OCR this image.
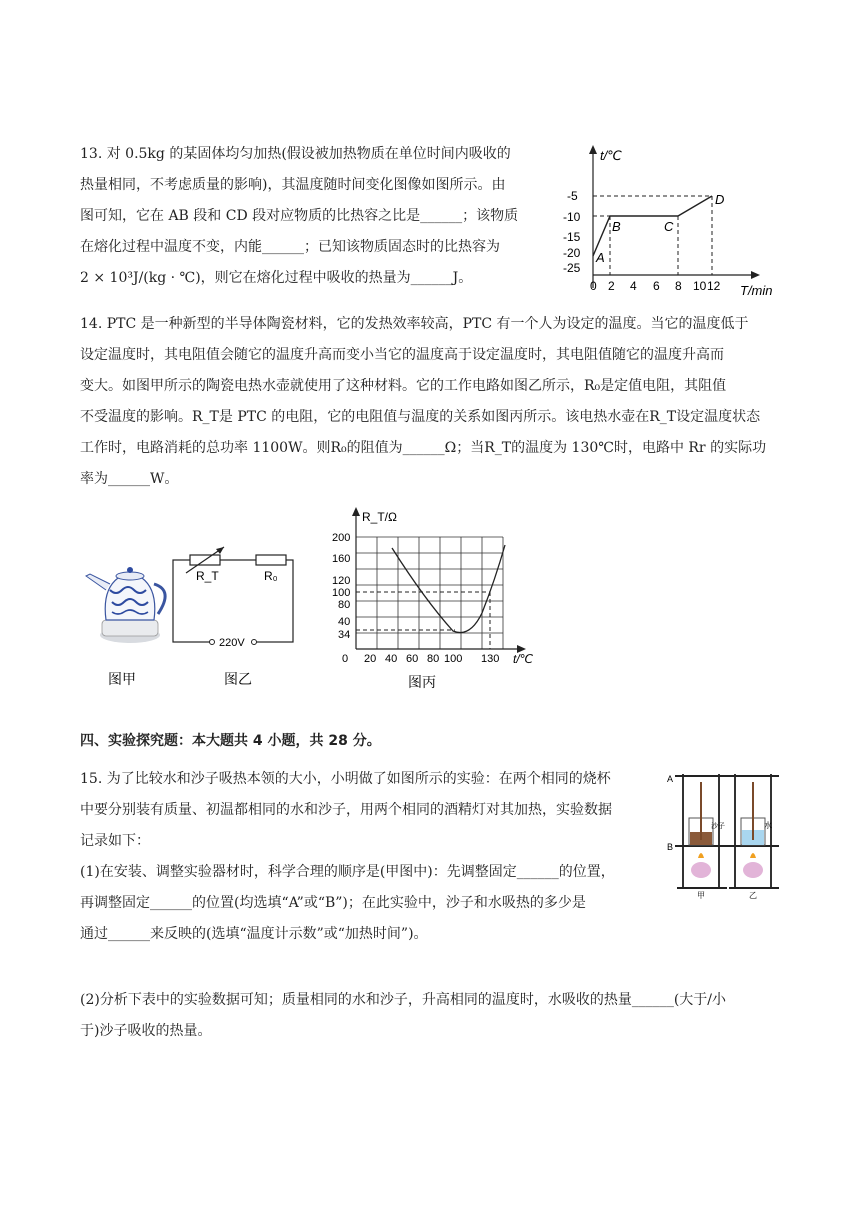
13. 对 0.5kg 的某固体均匀加热(假设被加热物质在单位时间内吸收的
热量相同，不考虑质量的影响)，其温度随时间变化图像如图所示。由
图可知，它在 AB 段和 CD 段对应物质的比热容之比是______；该物质
在熔化过程中温度不变，内能______；已知该物质固态时的比热容为
2 × 10³J/(kg · ℃)，则它在熔化过程中吸收的热量为______J。
t/℃
T/min
-5
-10
-15
-20
-25
0 2 4 6 8 10 12
A
B	C
D
14. PTC 是一种新型的半导体陶瓷材料，它的发热效率较高，PTC 有一个人为设定的温度。当它的温度低于
设定温度时，其电阻值会随它的温度升高而变小当它的温度高于设定温度时，其电阻值随它的温度升高而
变大。如图甲所示的陶瓷电热水壶就使用了这种材料。它的工作电路如图乙所示，R₀是定值电阻，其阻值
不受温度的影响。R_T是 PTC 的电阻，它的电阻值与温度的关系如图丙所示。该电热水壶在R_T设定温度状态
工作时，电路消耗的总功率 1100W。则R₀的阻值为______Ω；当R_T的温度为 130℃时，电路中 Rr 的实际功
率为______W。
图甲
R_T	R₀
220V
图乙
R_T/Ω
t/℃
200
160
120
100
80
40
34
0 20 40 60 80 100 130
图丙
四、实验探究题：本大题共 4 小题，共 28 分。
15. 为了比较水和沙子吸热本领的大小，小明做了如图所示的实验：在两个相同的烧杯
中要分别装有质量、初温都相同的水和沙子，用两个相同的酒精灯对其加热，实验数据
记录如下：
(1)在安装、调整实验器材时，科学合理的顺序是(甲图中)：先调整固定______的位置，
再调整固定______的位置(均选填“A”或“B”)；在此实验中，沙子和水吸热的多少是
通过______来反映的(选填“温度计示数”或“加热时间”)。
(2)分析下表中的实验数据可知；质量相同的水和沙子，升高相同的温度时，水吸收的热量______(大于/小
于)沙子吸收的热量。
A
B
沙子
甲
水
乙
